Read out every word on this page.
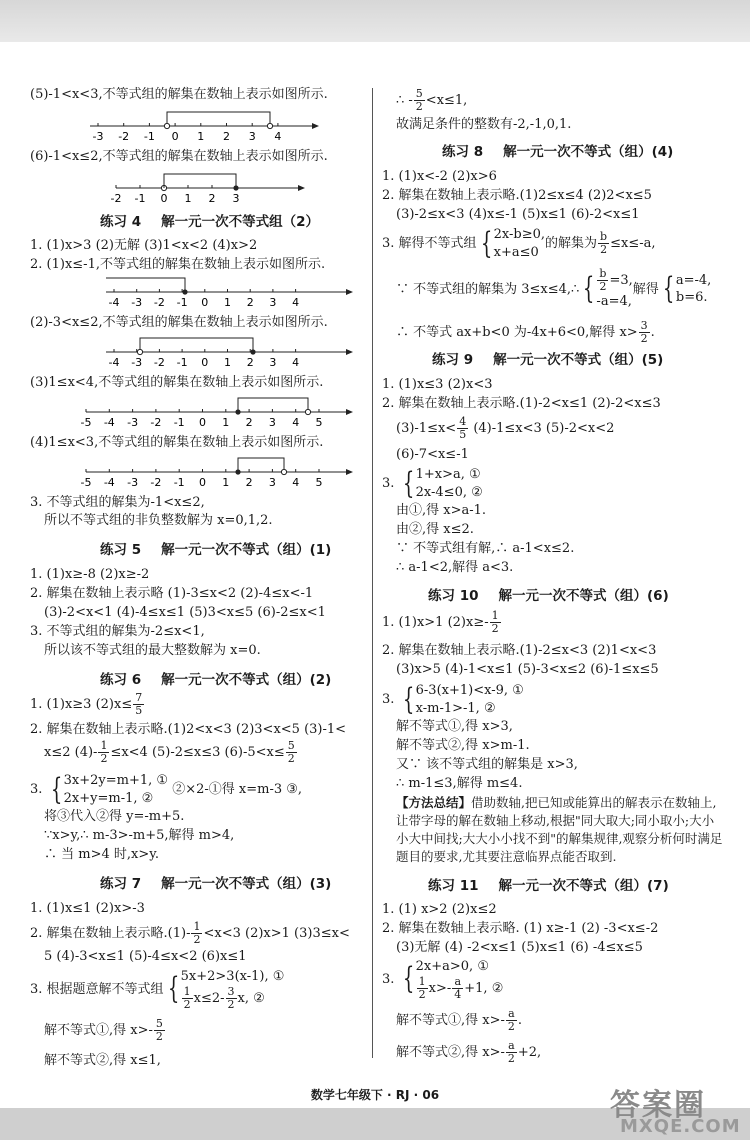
(5)-1<x<3,不等式组的解集在数轴上表示如图所示.
-3 -2 -1 0 1 2 3 4
(6)-1<x≤2,不等式组的解集在数轴上表示如图所示.
-2 -1 0 1 2 3
练习 4 解一元一次不等式组（2）
1. (1)x>3 (2)无解 (3)1<x<2 (4)x>2
2. (1)x≤-1,不等式组的解集在数轴上表示如图所示.
-4 -3 -2 -1 0 1 2 3 4
(2)-3<x≤2,不等式组的解集在数轴上表示如图所示.
-4 -3 -2 -1 0 1 2 3 4
(3)1≤x<4,不等式组的解集在数轴上表示如图所示.
-5 -4 -3 -2 -1 0 1 2 3 4 5
(4)1≤x<3,不等式组的解集在数轴上表示如图所示.
-5 -4 -3 -2 -1 0 1 2 3 4 5
3. 不等式组的解集为-1<x≤2,
所以不等式组的非负整数解为 x=0,1,2.
练习 5 解一元一次不等式（组）(1)
1. (1)x≥-8 (2)x≥-2
2. 解集在数轴上表示略 (1)-3≤x<2 (2)-4≤x<-1
(3)-2<x<1 (4)-4≤x≤1 (5)3<x≤5 (6)-2≤x<1
3. 不等式组的解集为-2≤x<1,
所以该不等式组的最大整数解为 x=0.
练习 6 解一元一次不等式（组）(2)
1. (1)x≥3 $(2)x\le \frac{7}{5}$
2. 解集在数轴上表示略.(1)2<x<3 (2)3<x<5 (3)-1<
x≤2 $(4)- \frac{1}{2} \le x<4$ (5)-2≤x≤3 $(6)-5<x\le \frac{5}{2}$
3. { 3x+2y=m+1, ①
2x+y=m-1, ②
②×2-①得 x=m-3 ③,
将③代入②得 y=-m+5.
∵x>y,∴ m-3>-m+5,解得 m>4,
∴ 当 m>4 时,x>y.
练习 7 解一元一次不等式（组）(3)
1. (1)x≤1 (2)x>-3
2. 解集在数轴上表示略$.(1)- \frac{1}{2} <x<3$ (2)x>1 (3)3≤x<
5 (4)-3<x≤1 (5)-4≤x<2 (6)x≤1
3. 根据题意解不等式组 { 5x+2>3(x-1), ①
$\frac{1}{2} x\le 2- \frac{3}{2} x$, ②
解不等式①,得 $x>- \frac{5}{2}$
解不等式②,得 x≤1,
∴ - $\frac{5}{2} <x\le 1$,
故满足条件的整数有-2,-1,0,1.
练习 8 解一元一次不等式（组）(4)
1. (1)x<-2 (2)x>6
2. 解集在数轴上表示略.(1)2≤x≤4 (2)2<x≤5
(3)-2≤x<3 (4)x≤-1 (5)x≤1 (6)-2<x≤1
3. 解得不等式组 { 2x-b≥0,
x+a≤0
的解集为 $\frac{b}{2} \le x\le-a$,
∵ 不等式组的解集为 3≤x≤4,∴ { $\frac{b}{2} =3$,
-a=4,
解得 { a=-4,
b=6.
∴ 不等式 ax+b<0 为-4x+6<0,解得 $x> \frac{3}{2}$ .
练习 9 解一元一次不等式（组）(5)
1. (1)x≤3 (2)x<3
2. 解集在数轴上表示略.(1)-2<x≤1 (2)-2<x≤3
$(3)-1\le x< \frac{4}{5} (4)-1\le x<3$ (5)-2<x<2
(6)-7<x≤-1
3. { 1+x>a, ①
2x-4≤0, ②
由①,得 x>a-1.
由②,得 x≤2.
∵ 不等式组有解,∴ a-1<x≤2.
∴ a-1<2,解得 a<3.
练习 10 解一元一次不等式（组）(6)
1. (1)x>1 $(2)x\ge- \frac{1}{2}$
2. 解集在数轴上表示略.(1)-2≤x<3 (2)1<x<3
(3)x>5 (4)-1<x≤1 (5)-3<x≤2 (6)-1≤x≤5
3. { 6-3(x+1)<x-9, ①
x-m-1>-1, ②
解不等式①,得 x>3,
解不等式②,得 x>m-1.
又∵ 该不等式组的解集是 x>3,
∴ m-1≤3,解得 m≤4.
【方法总结】借助数轴,把已知或能算出的解表示在数轴上,让带字母的解在数轴上移动,根据"同大取大;同小取小;大小小大中间找;大大小小找不到"的解集规律,观察分析何时满足题目的要求,尤其要注意临界点能否取到.
练习 11 解一元一次不等式（组）(7)
1. (1) x>2 (2)x≤2
2. 解集在数轴上表示略. (1) x≥-1 (2) -3<x≤-2
(3)无解 (4) -2<x≤1 (5)x≤1 (6) -4≤x≤5
3. { 2x+a>0, ①
$\frac{1}{2} x>- \frac{a}{4} +1$, ②
解不等式①,得 $x>- \frac{a}{2}$ .
解不等式②,得 $x>- \frac{a}{2} +2$,
数学七年级下 · RJ · 06	答案圈
MXQE.COM
